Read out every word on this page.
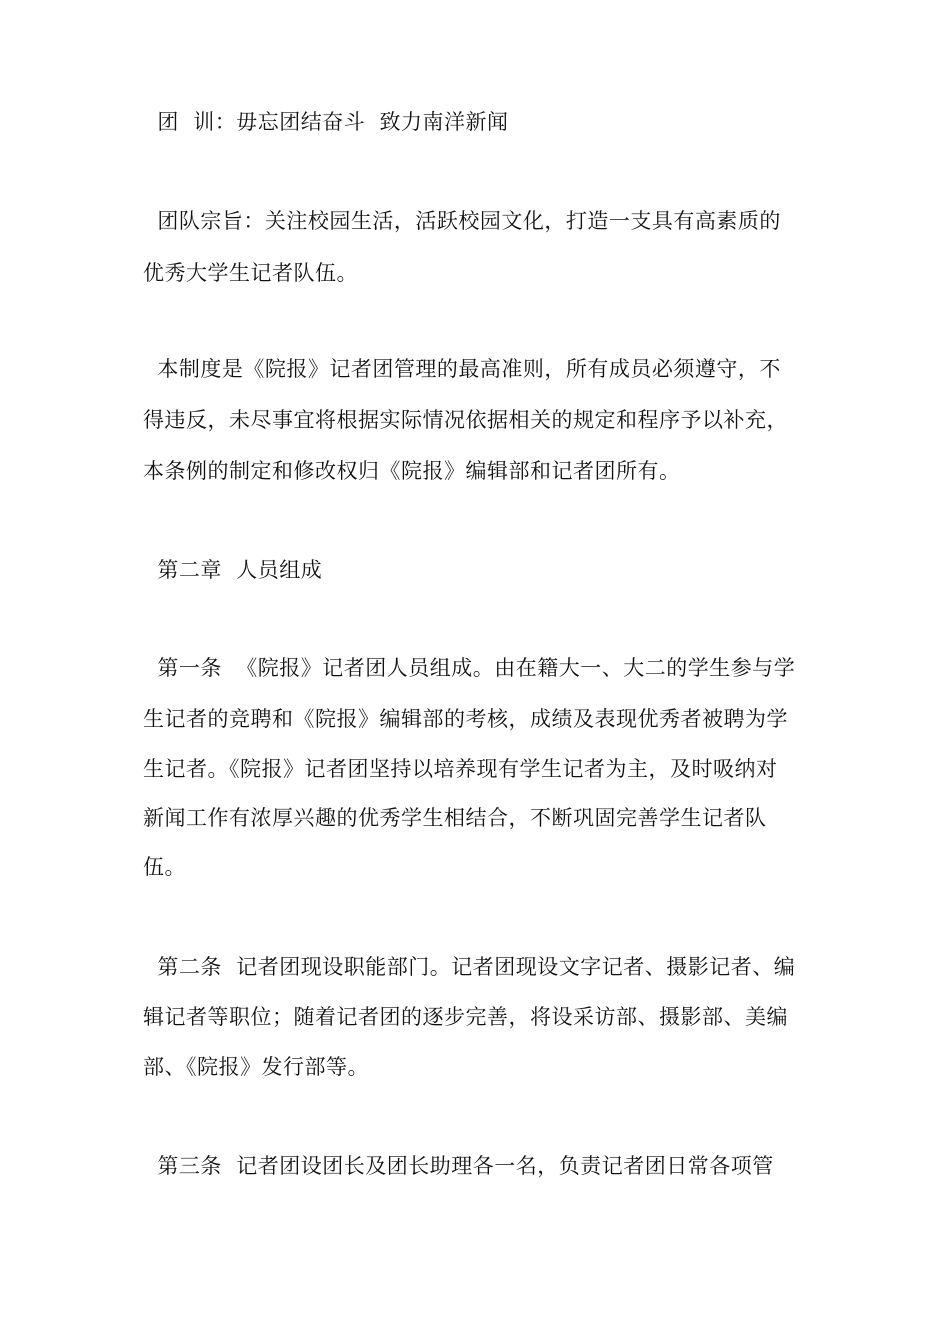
团  训：毋忘团结奋斗  致力南洋新闻

团队宗旨：关注校园生活，活跃校园文化，打造一支具有高素质的

优秀大学生记者队伍。

本制度是《院报》记者团管理的最高准则，所有成员必须遵守，不

得违反，未尽事宜将根据实际情况依据相关的规定和程序予以补充，

本条例的制定和修改权归《院报》编辑部和记者团所有。

第二章  人员组成

第一条  《院报》记者团人员组成。由在籍大一、大二的学生参与学

生记者的竞聘和《院报》编辑部的考核，成绩及表现优秀者被聘为学

生记者。《院报》记者团坚持以培养现有学生记者为主，及时吸纳对

新闻工作有浓厚兴趣的优秀学生相结合，不断巩固完善学生记者队

伍。

第二条  记者团现设职能部门。记者团现设文字记者、摄影记者、编

辑记者等职位；随着记者团的逐步完善，将设采访部、摄影部、美编

部、《院报》发行部等。

第三条  记者团设团长及团长助理各一名，负责记者团日常各项管
